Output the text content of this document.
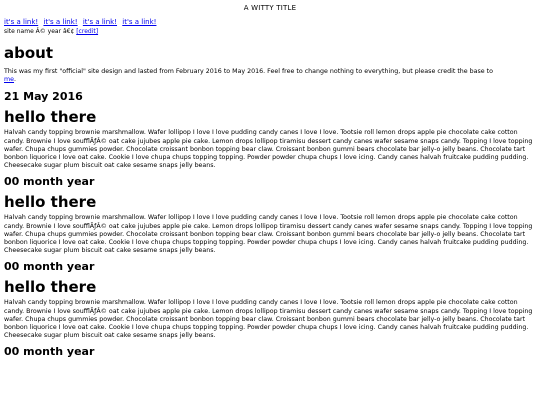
A WITTY TITLE
it's a link! it's a link! it's a link! it's a link!
site name Â© year â€¢ [credit]
about

This was my first "official" site design and lasted from February 2016 to May 2016. Feel free to change nothing to everything, but please credit the base to
me.

21 May 2016
hello there

Halvah candy topping brownie marshmallow. Wafer lollipop I love I love pudding candy canes I love I love. Tootsie roll lemon drops apple pie chocolate cake cotton candy. Brownie I love soufflÃƒÂ© oat cake jujubes apple pie cake. Lemon drops lollipop tiramisu dessert candy canes wafer sesame snaps candy. Topping I love topping wafer. Chupa chups gummies powder. Chocolate croissant bonbon topping bear claw. Croissant bonbon gummi bears chocolate bar jelly-o jelly beans. Chocolate tart bonbon liquorice I love oat cake. Cookie I love chupa chups topping topping. Powder powder chupa chups I love icing. Candy canes halvah fruitcake pudding pudding. Cheesecake sugar plum biscuit oat cake sesame snaps jelly beans.

00 month year
hello there

Halvah candy topping brownie marshmallow. Wafer lollipop I love I love pudding candy canes I love I love. Tootsie roll lemon drops apple pie chocolate cake cotton candy. Brownie I love soufflÃƒÂ© oat cake jujubes apple pie cake. Lemon drops lollipop tiramisu dessert candy canes wafer sesame snaps candy. Topping I love topping wafer. Chupa chups gummies powder. Chocolate croissant bonbon topping bear claw. Croissant bonbon gummi bears chocolate bar jelly-o jelly beans. Chocolate tart bonbon liquorice I love oat cake. Cookie I love chupa chups topping topping. Powder powder chupa chups I love icing. Candy canes halvah fruitcake pudding pudding. Cheesecake sugar plum biscuit oat cake sesame snaps jelly beans.

00 month year
hello there

Halvah candy topping brownie marshmallow. Wafer lollipop I love I love pudding candy canes I love I love. Tootsie roll lemon drops apple pie chocolate cake cotton candy. Brownie I love soufflÃƒÂ© oat cake jujubes apple pie cake. Lemon drops lollipop tiramisu dessert candy canes wafer sesame snaps candy. Topping I love topping wafer. Chupa chups gummies powder. Chocolate croissant bonbon topping bear claw. Croissant bonbon gummi bears chocolate bar jelly-o jelly beans. Chocolate tart bonbon liquorice I love oat cake. Cookie I love chupa chups topping topping. Powder powder chupa chups I love icing. Candy canes halvah fruitcake pudding pudding. Cheesecake sugar plum biscuit oat cake sesame snaps jelly beans.

00 month year
